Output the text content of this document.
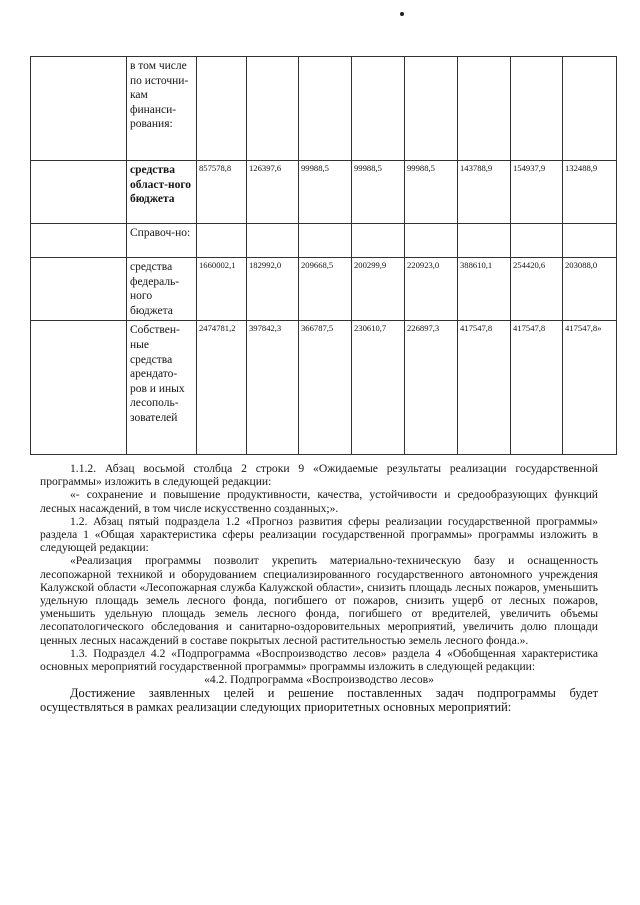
	в том числе по источни-кам финанси-рования:								
	средства област-ного бюджета	857578,8	126397,6	99988,5	99988,5	99988,5	143788,9	154937,9	132488,9
	Справоч-но:								
	средства федераль-ного бюджета	1660002,1	182992,0	209668,5	200299,9	220923,0	388610,1	254420,6	203088,0
	Собствен-ные средства арендато-ров и иных лесополь-зователей	2474781,2	397842,3	366787,5	230610,7	226897,3	417547,8	417547,8	417547,8»

1.1.2. Абзац восьмой столбца 2 строки 9 «Ожидаемые результаты реализации государственной программы» изложить в следующей редакции:

«- сохранение и повышение продуктивности, качества, устойчивости и средообразующих функций лесных насаждений, в том числе искусственно созданных;».

1.2. Абзац пятый подраздела 1.2 «Прогноз развития сферы реализации государственной программы» раздела 1 «Общая характеристика сферы реализации государственной программы» программы изложить в следующей редакции:

«Реализация программы позволит укрепить материально-техническую базу и оснащенность лесопожарной техникой и оборудованием специализированного государственного автономного учреждения Калужской области «Лесопожарная служба Калужской области», снизить площадь лесных пожаров, уменьшить удельную площадь земель лесного фонда, погибшего от пожаров, снизить ущерб от лесных пожаров, уменьшить удельную площадь земель лесного фонда, погибшего от вредителей, увеличить объемы лесопатологического обследования и санитарно-оздоровительных мероприятий, увеличить долю площади ценных лесных насаждений в составе покрытых лесной растительностью земель лесного фонда.».

1.3. Подраздел 4.2 «Подпрограмма «Воспроизводство лесов» раздела 4 «Обобщенная характеристика основных мероприятий государственной программы» программы изложить в следующей редакции:

«4.2. Подпрограмма «Воспроизводство лесов»

Достижение заявленных целей и решение поставленных задач подпрограммы будет осуществляться в рамках реализации следующих приоритетных основных мероприятий:
